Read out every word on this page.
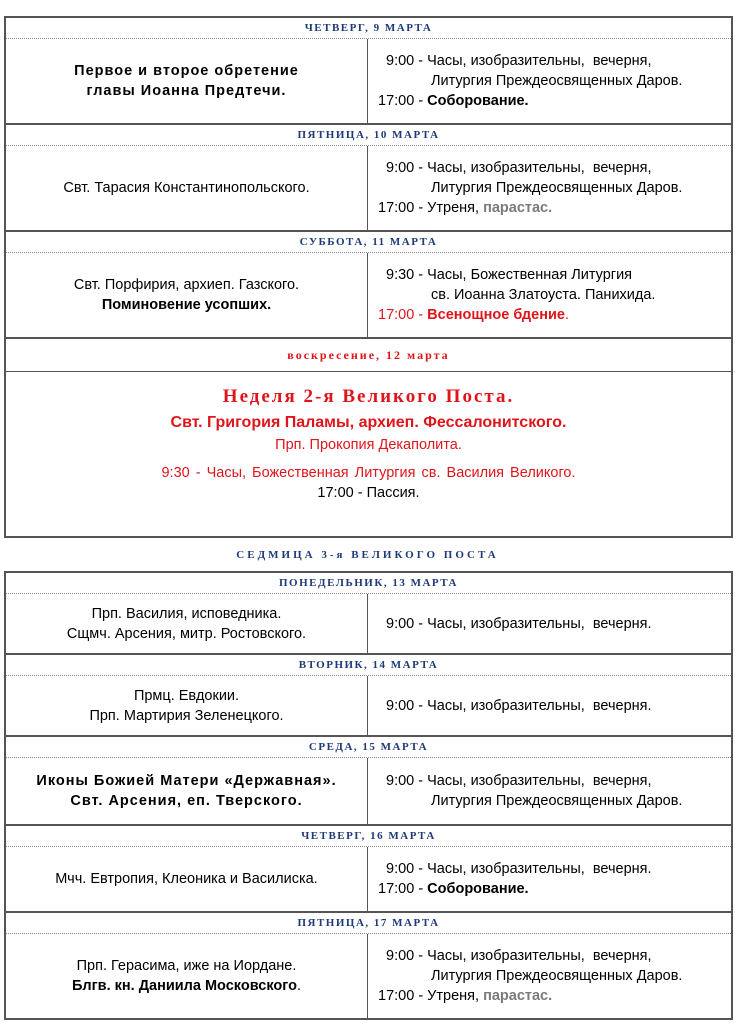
ЧЕТВЕРГ, 9 МАРТА
Первое и второе обретение
главы Иоанна Предтечи.
9:00 - Часы, изобразительны,  вечерня,
Литургия Преждеосвященных Даров.
17:00 - Соборование.
ПЯТНИЦА, 10 МАРТА
Свт. Тарасия Константинопольского.
9:00 - Часы, изобразительны,  вечерня,
Литургия Преждеосвященных Даров.
17:00 - Утреня, парастас.
СУББОТА, 11 МАРТА
Свт. Порфирия, архиеп. Газского.
Поминовение усопших.
9:30 - Часы, Божественная Литургия
св. Иоанна Златоуста. Панихида.
17:00 - Всенощное бдение .
воскресение, 12 марта
Неделя 2-я Великого Поста.
Свт. Григория Паламы, архиеп. Фессалонитского.
Прп. Прокопия Декаполита.
9:30 - Часы, Божественная Литургия св. Василия Великого.
17:00 - Пассия.
СЕДМИЦА 3-я ВЕЛИКОГО ПОСТА
ПОНЕДЕЛЬНИК, 13 МАРТА
Прп. Василия, исповедника.
Сщмч. Арсения, митр. Ростовского.
9:00 - Часы, изобразительны,  вечерня.
ВТОРНИК, 14 МАРТА
Прмц. Евдокии.
Прп. Мартирия Зеленецкого.
9:00 - Часы, изобразительны,  вечерня.
СРЕДА, 15 МАРТА
Иконы Божией Матери «Державная».
Свт. Арсения, еп. Тверского.
9:00 - Часы, изобразительны,  вечерня,
Литургия Преждеосвященных Даров.
ЧЕТВЕРГ, 16 МАРТА
Мчч. Евтропия, Клеоника и Василиска.
9:00 - Часы, изобразительны,  вечерня.
17:00 - Соборование.
ПЯТНИЦА, 17 МАРТА
Прп. Герасима, иже на Иордане.
Блгв. кн. Даниила Московского.
9:00 - Часы, изобразительны,  вечерня,
Литургия Преждеосвященных Даров.
17:00 - Утреня, парастас.
